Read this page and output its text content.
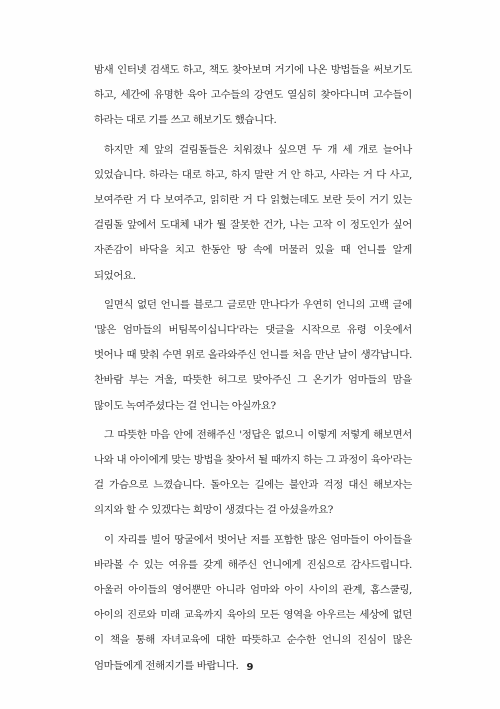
밤새 인터넷 검색도 하고, 책도 찾아보며 거기에 나온 방법들을 써보기도 하고, 세간에 유명한 육아 고수들의 강연도 열심히 찾아다니며 고수들이 하라는 대로 기를 쓰고 해보기도 했습니다.

하지만 제 앞의 걸림돌들은 치워졌나 싶으면 두 개 세 개로 늘어나 있었습니다. 하라는 대로 하고, 하지 말란 거 안 하고, 사라는 거 다 사고, 보여주란 거 다 보여주고, 읽히란 거 다 읽혔는데도 보란 듯이 거기 있는 걸림돌 앞에서 도대체 내가 뭘 잘못한 건가, 나는 고작 이 정도인가 싶어 자존감이 바닥을 치고 한동안 땅 속에 머물러 있을 때 언니를 알게 되었어요.

일면식 없던 언니를 블로그 글로만 만나다가 우연히 언니의 고백 글에 '많은 엄마들의 버팀목이십니다'라는 댓글을 시작으로 유령 이웃에서 벗어나 때 맞춰 수면 위로 올라와주신 언니를 처음 만난 날이 생각납니다. 찬바람 부는 겨울, 따뜻한 허그로 맞아주신 그 온기가 엄마들의 맘을 많이도 녹여주셨다는 걸 언니는 아실까요?

그 따뜻한 마음 안에 전해주신 '정답은 없으니 이렇게 저렇게 해보면서 나와 내 아이에게 맞는 방법을 찾아서 될 때까지 하는 그 과정이 육아'라는 걸 가슴으로 느꼈습니다. 돌아오는 길에는 불안과 걱정 대신 해보자는 의지와 할 수 있겠다는 희망이 생겼다는 걸 아셨을까요?

이 자리를 빌어 땅굴에서 벗어난 저를 포함한 많은 엄마들이 아이들을 바라볼 수 있는 여유를 갖게 해주신 언니에게 진심으로 감사드립니다. 아울러 아이들의 영어뿐만 아니라 엄마와 아이 사이의 관계, 홈스쿨링, 아이의 진로와 미래 교육까지 육아의 모든 영역을 아우르는 세상에 없던 이 책을 통해 자녀교육에 대한 따뜻하고 순수한 언니의 진심이 많은 엄마들에게 전해지기를 바랍니다. 9
